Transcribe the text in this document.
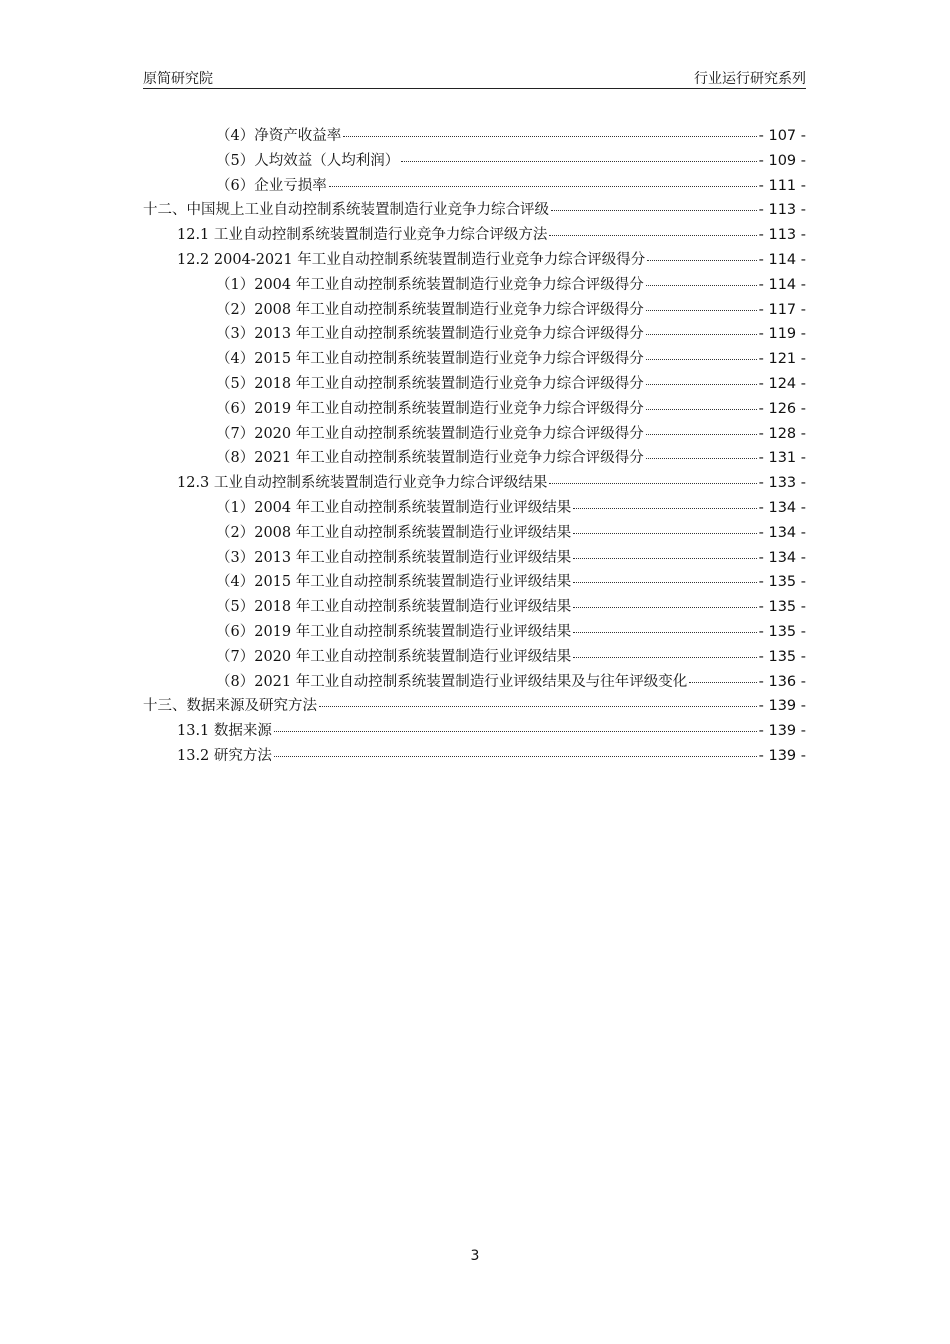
原简研究院	行业运行研究系列
（4）净资产收益率	- 107 -
（5）人均效益（人均利润）	- 109 -
（6）企业亏损率	- 111 -
十二、中国规上工业自动控制系统装置制造行业竞争力综合评级	- 113 -
12.1 工业自动控制系统装置制造行业竞争力综合评级方法	- 113 -
12.2 2004-2021 年工业自动控制系统装置制造行业竞争力综合评级得分	- 114 -
（1）2004 年工业自动控制系统装置制造行业竞争力综合评级得分	- 114 -
（2）2008 年工业自动控制系统装置制造行业竞争力综合评级得分	- 117 -
（3）2013 年工业自动控制系统装置制造行业竞争力综合评级得分	- 119 -
（4）2015 年工业自动控制系统装置制造行业竞争力综合评级得分	- 121 -
（5）2018 年工业自动控制系统装置制造行业竞争力综合评级得分	- 124 -
（6）2019 年工业自动控制系统装置制造行业竞争力综合评级得分	- 126 -
（7）2020 年工业自动控制系统装置制造行业竞争力综合评级得分	- 128 -
（8）2021 年工业自动控制系统装置制造行业竞争力综合评级得分	- 131 -
12.3 工业自动控制系统装置制造行业竞争力综合评级结果	- 133 -
（1）2004 年工业自动控制系统装置制造行业评级结果	- 134 -
（2）2008 年工业自动控制系统装置制造行业评级结果	- 134 -
（3）2013 年工业自动控制系统装置制造行业评级结果	- 134 -
（4）2015 年工业自动控制系统装置制造行业评级结果	- 135 -
（5）2018 年工业自动控制系统装置制造行业评级结果	- 135 -
（6）2019 年工业自动控制系统装置制造行业评级结果	- 135 -
（7）2020 年工业自动控制系统装置制造行业评级结果	- 135 -
（8）2021 年工业自动控制系统装置制造行业评级结果及与往年评级变化	- 136 -
十三、数据来源及研究方法	- 139 -
13.1 数据来源	- 139 -
13.2 研究方法	- 139 -
3
